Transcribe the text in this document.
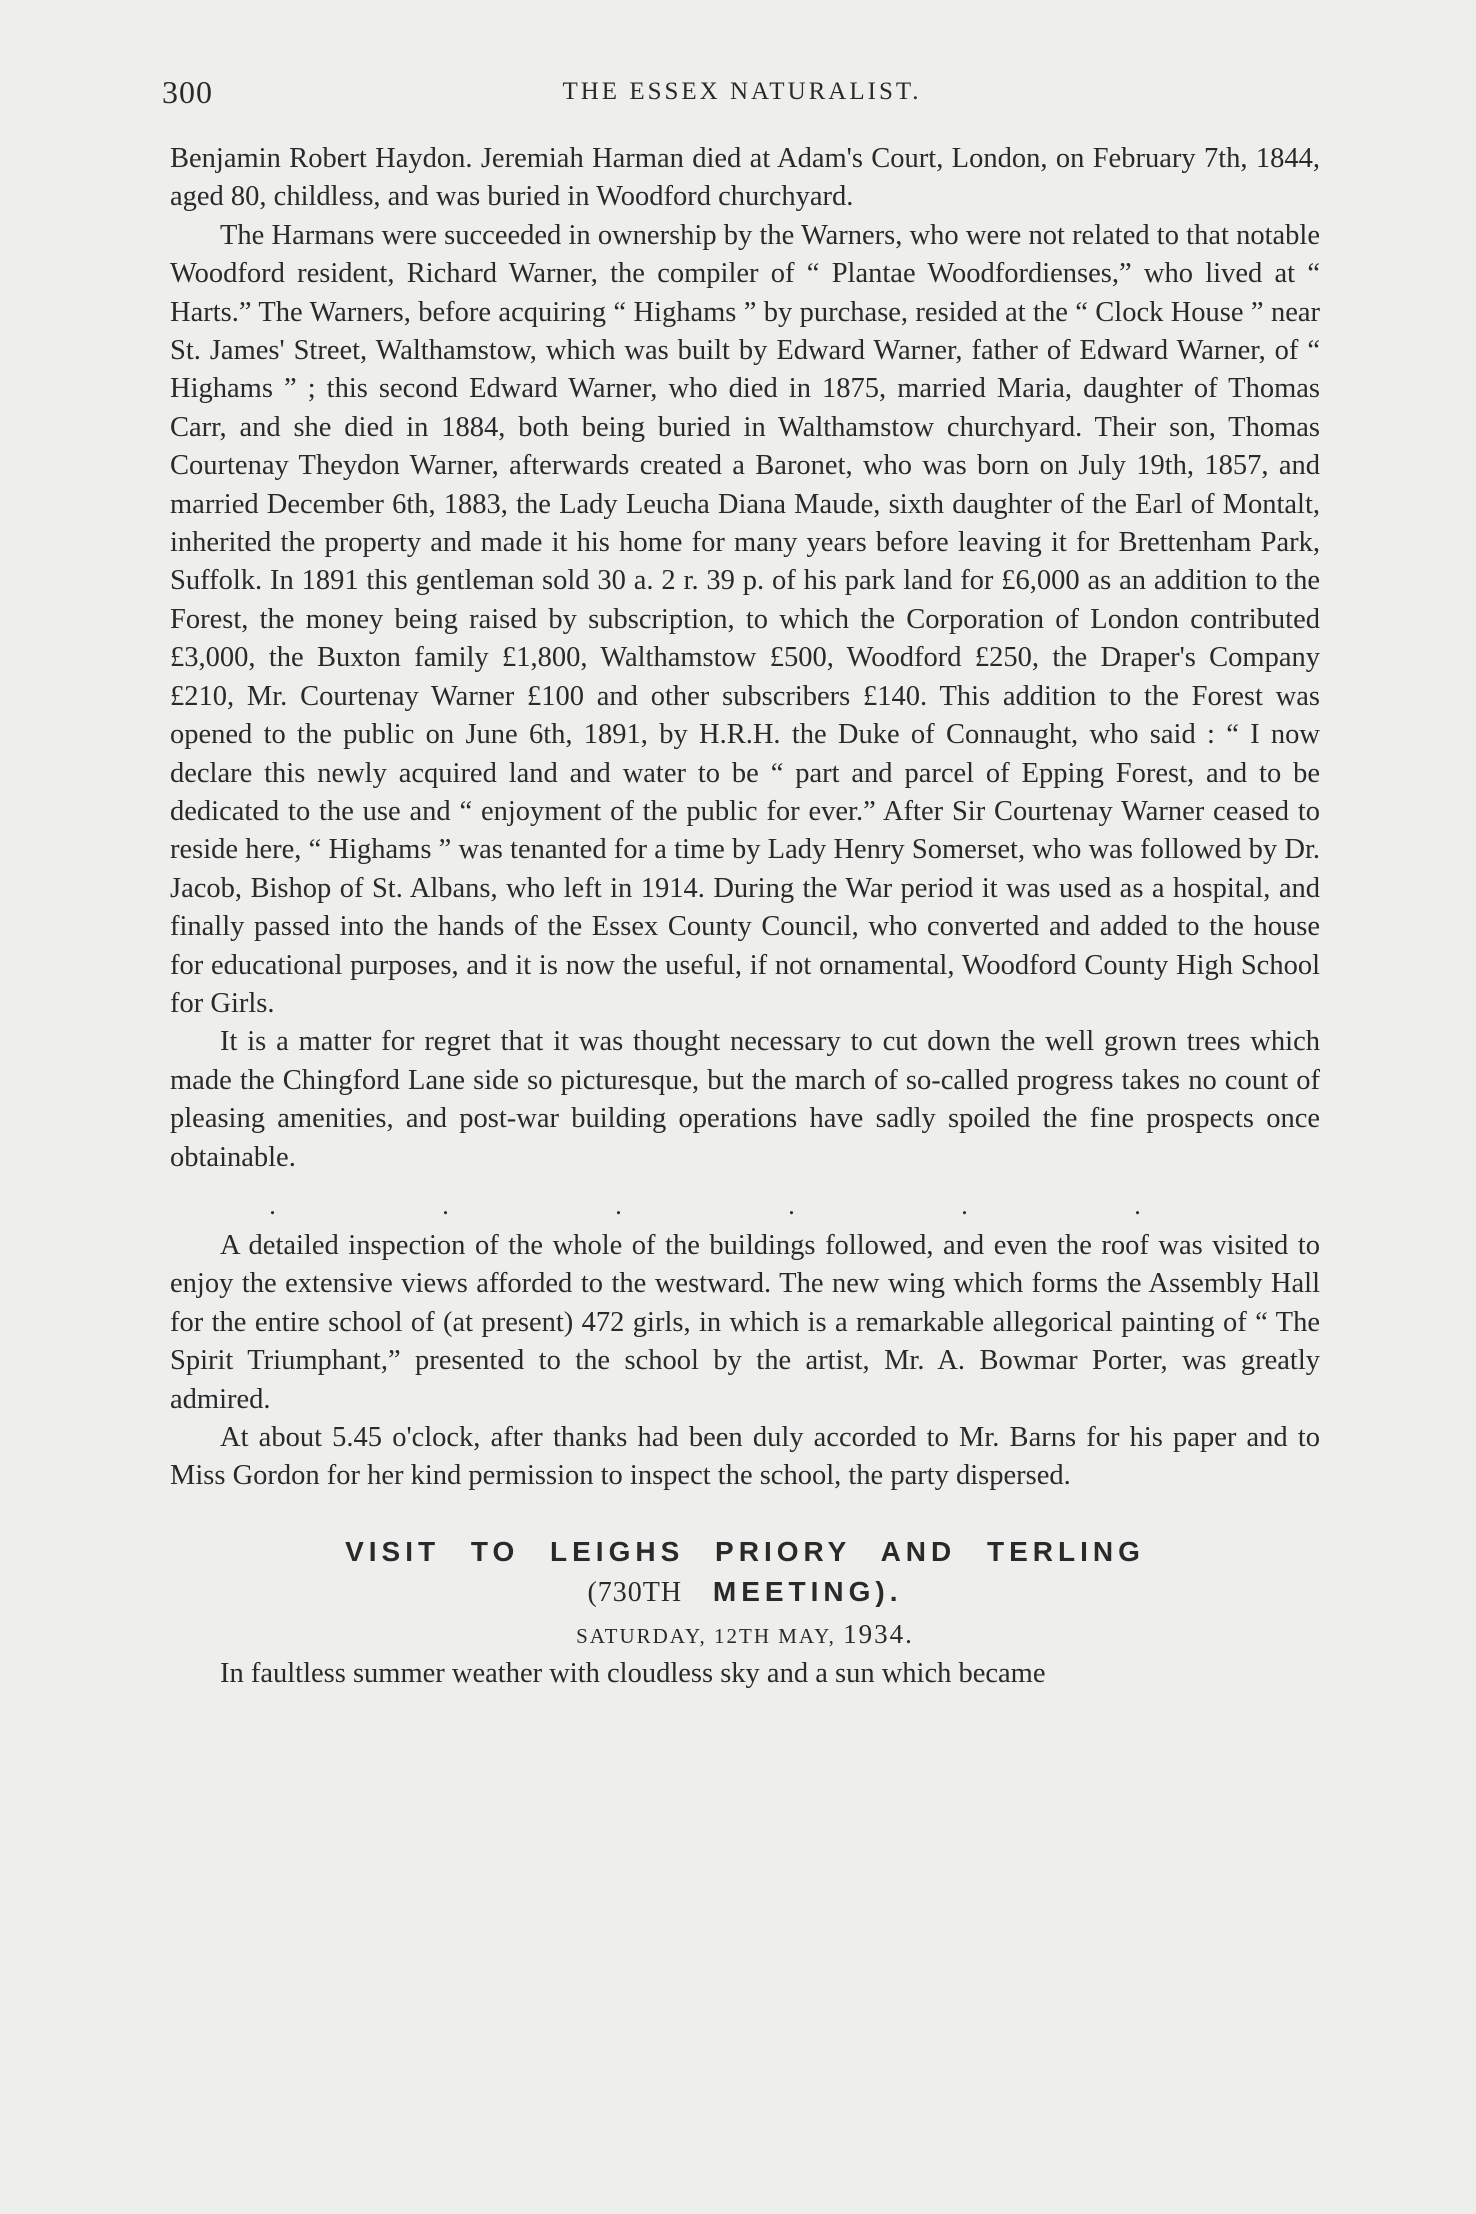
300	THE ESSEX NATURALIST.

Benjamin Robert Haydon. Jeremiah Harman died at Adam's Court, London, on February 7th, 1844, aged 80, childless, and was buried in Woodford churchyard.

The Harmans were succeeded in ownership by the Warners, who were not related to that notable Woodford resident, Richard Warner, the compiler of “ Plantae Woodfordienses,” who lived at “ Harts.” The Warners, before acquiring “ Highams ” by purchase, resided at the “ Clock House ” near St. James' Street, Walthamstow, which was built by Edward Warner, father of Edward Warner, of “ Highams ” ; this second Edward Warner, who died in 1875, married Maria, daughter of Thomas Carr, and she died in 1884, both being buried in Walthamstow churchyard. Their son, Thomas Courtenay Theydon Warner, afterwards created a Baronet, who was born on July 19th, 1857, and married December 6th, 1883, the Lady Leucha Diana Maude, sixth daughter of the Earl of Montalt, inherited the property and made it his home for many years before leaving it for Brettenham Park, Suffolk. In 1891 this gentleman sold 30 a. 2 r. 39 p. of his park land for £6,000 as an addition to the Forest, the money being raised by subscription, to which the Corporation of London contributed £3,000, the Buxton family £1,800, Walthamstow £500, Woodford £250, the Draper's Company £210, Mr. Courtenay Warner £100 and other subscribers £140. This addition to the Forest was opened to the public on June 6th, 1891, by H.R.H. the Duke of Connaught, who said : “ I now declare this newly acquired land and water to be “ part and parcel of Epping Forest, and to be dedicated to the use and “ enjoyment of the public for ever.” After Sir Courtenay Warner ceased to reside here, “ Highams ” was tenanted for a time by Lady Henry Somerset, who was followed by Dr. Jacob, Bishop of St. Albans, who left in 1914. During the War period it was used as a hospital, and finally passed into the hands of the Essex County Council, who converted and added to the house for educational purposes, and it is now the useful, if not ornamental, Woodford County High School for Girls.

It is a matter for regret that it was thought necessary to cut down the well grown trees which made the Chingford Lane side so picturesque, but the march of so-called progress takes no count of pleasing amenities, and post-war building operations have sadly spoiled the fine prospects once obtainable.

. . . . . .

A detailed inspection of the whole of the buildings followed, and even the roof was visited to enjoy the extensive views afforded to the westward. The new wing which forms the Assembly Hall for the entire school of (at present) 472 girls, in which is a remarkable allegorical painting of “ The Spirit Triumphant,” presented to the school by the artist, Mr. A. Bowmar Porter, was greatly admired.

At about 5.45 o'clock, after thanks had been duly accorded to Mr. Barns for his paper and to Miss Gordon for her kind permission to inspect the school, the party dispersed.

VISIT TO LEIGHS PRIORY AND TERLING
(730TH MEETING).
SATURDAY, 12TH MAY, 1934.

In faultless summer weather with cloudless sky and a sun which became
